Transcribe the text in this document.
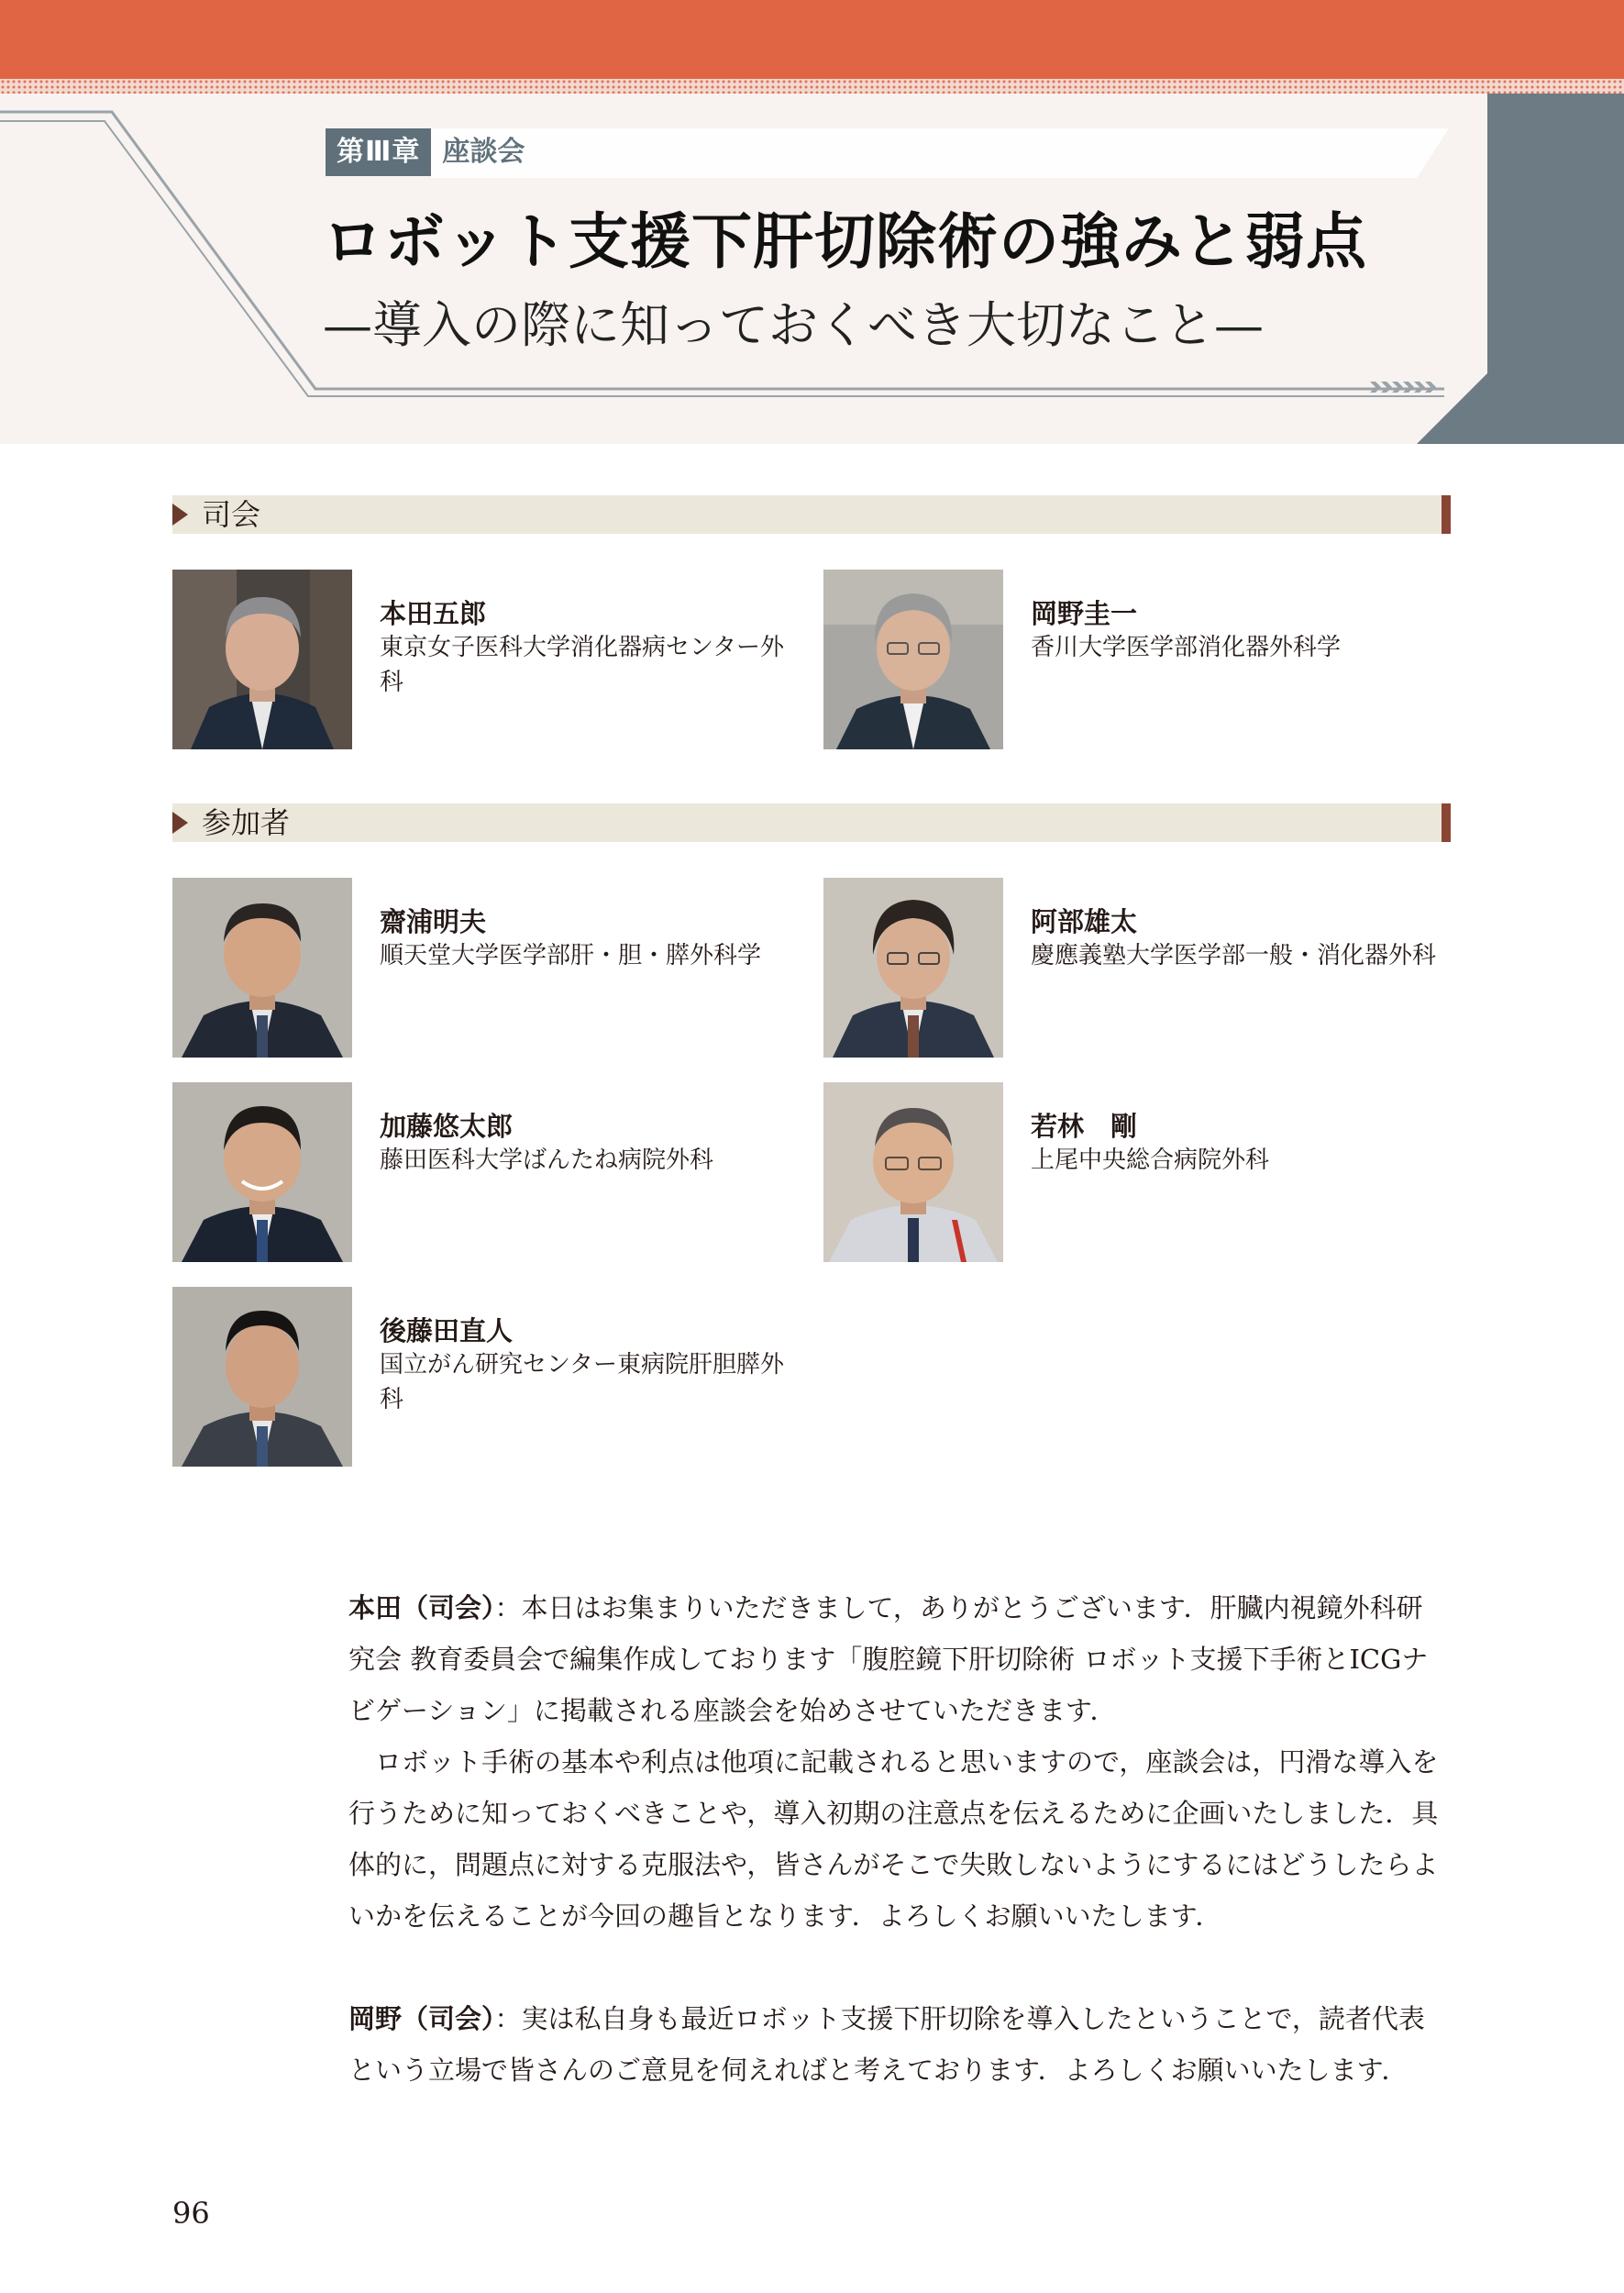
第Ⅲ章 座談会
ロボット支援下肝切除術の強みと弱点
—導入の際に知っておくべき大切なこと—
司会
本田五郎
東京女子医科大学消化器病センター外科
岡野圭一
香川大学医学部消化器外科学
参加者
齋浦明夫
順天堂大学医学部肝・胆・膵外科学
阿部雄太
慶應義塾大学医学部一般・消化器外科
加藤悠太郎
藤田医科大学ばんたね病院外科
若林　剛
上尾中央総合病院外科
後藤田直人
国立がん研究センター東病院肝胆膵外科

本田（司会）：本日はお集まりいただきまして，ありがとうございます．肝臓内視鏡外科研究会 教育委員会で編集作成しております「腹腔鏡下肝切除術 ロボット支援下手術とICGナビゲーション」に掲載される座談会を始めさせていただきます．

ロボット手術の基本や利点は他項に記載されると思いますので，座談会は，円滑な導入を行うために知っておくべきことや，導入初期の注意点を伝えるために企画いたしました．具体的に，問題点に対する克服法や，皆さんがそこで失敗しないようにするにはどうしたらよいかを伝えることが今回の趣旨となります．よろしくお願いいたします．

岡野（司会）：実は私自身も最近ロボット支援下肝切除を導入したということで，読者代表という立場で皆さんのご意見を伺えればと考えております．よろしくお願いいたします．

96
